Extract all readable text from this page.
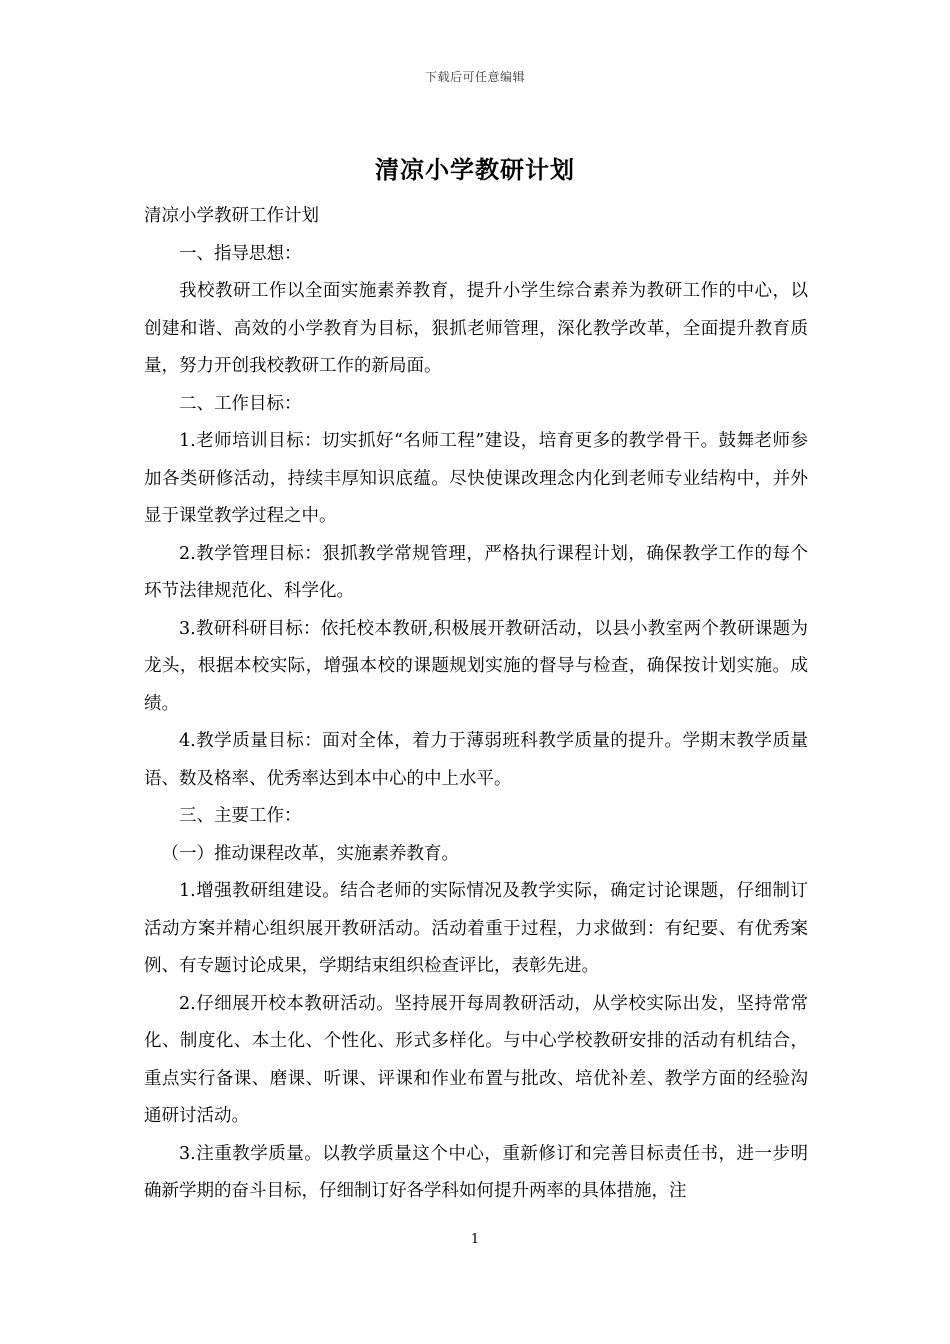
下载后可任意编辑
清凉小学教研计划

清凉小学教研工作计划

一、指导思想：

我校教研工作以全面实施素养教育，提升小学生综合素养为教研工作的中心，以创建和谐、高效的小学教育为目标，狠抓老师管理，深化教学改革，全面提升教育质量，努力开创我校教研工作的新局面。

二、工作目标：

1.老师培训目标：切实抓好“名师工程”建设，培育更多的教学骨干。鼓舞老师参加各类研修活动，持续丰厚知识底蕴。尽快使课改理念内化到老师专业结构中，并外显于课堂教学过程之中。

2.教学管理目标：狠抓教学常规管理，严格执行课程计划，确保教学工作的每个环节法律规范化、科学化。

3.教研科研目标：依托校本教研,积极展开教研活动，以县小教室两个教研课题为龙头，根据本校实际，增强本校的课题规划实施的督导与检查，确保按计划实施。成绩。

4.教学质量目标：面对全体，着力于薄弱班科教学质量的提升。学期末教学质量语、数及格率、优秀率达到本中心的中上水平。

三、主要工作：

（一）推动课程改革，实施素养教育。

1.增强教研组建设。结合老师的实际情况及教学实际，确定讨论课题，仔细制订活动方案并精心组织展开教研活动。活动着重于过程，力求做到：有纪要、有优秀案例、有专题讨论成果，学期结束组织检查评比，表彰先进。

2.仔细展开校本教研活动。坚持展开每周教研活动，从学校实际出发，坚持常常化、制度化、本土化、个性化、形式多样化。与中心学校教研安排的活动有机结合，重点实行备课、磨课、听课、评课和作业布置与批改、培优补差、教学方面的经验沟通研讨活动。

3.注重教学质量。以教学质量这个中心，重新修订和完善目标责任书，进一步明确新学期的奋斗目标，仔细制订好各学科如何提升两率的具体措施，注

1
